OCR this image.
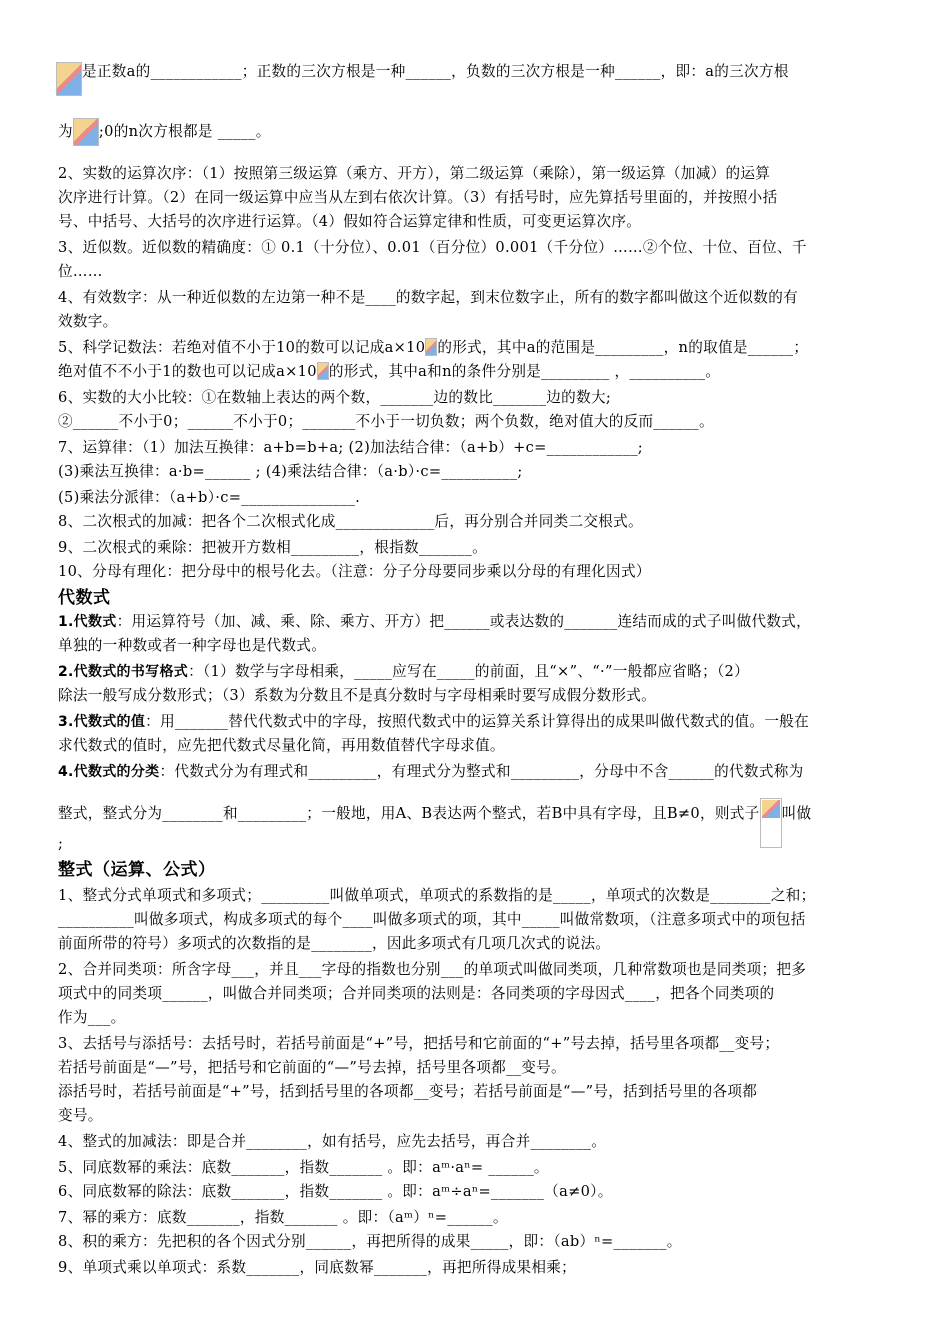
是正数a的____________；正数的三次方根是一种______，负数的三次方根是一种______，即：a的三次方根
为 ;0的n次方根都是 _____。
2、实数的运算次序：（1）按照第三级运算（乘方、开方），第二级运算（乘除），第一级运算（加减）的运算
次序进行计算。（2）在同一级运算中应当从左到右依次计算。（3）有括号时，应先算括号里面的，并按照小括
号、中括号、大括号的次序进行运算。（4）假如符合运算定律和性质，可变更运算次序。
3、近似数。近似数的精确度：① 0.1（十分位）、0.01（百分位）0.001（千分位）……②个位、十位、百位、千
位……
4、有效数字：从一种近似数的左边第一种不是____的数字起，到末位数字止，所有的数字都叫做这个近似数的有
效数字。
5、科学记数法：若绝对值不小于10的数可以记成a×10 的形式，其中a的范围是_________，n的取值是______；
绝对值不不小于1的数也可以记成a×10 的形式，其中a和n的条件分别是_________ ，__________。
6、实数的大小比较：①在数轴上表达的两个数，_______边的数比_______边的数大;
②______不小于0；______不小于0；_______不小于一切负数；两个负数，绝对值大的反而______。
7、运算律：（1）加法互换律：a+b=b+a; (2)加法结合律：（a+b）+c=____________;
(3)乘法互换律：a·b=______ ; (4)乘法结合律：（a·b）·c=__________;
(5)乘法分派律：（a+b）·c=_______________.
8、二次根式的加减：把各个二次根式化成_____________后，再分别合并同类二交根式。
9、二次根式的乘除：把被开方数相_________，根指数_______。
10、分母有理化：把分母中的根号化去。（注意：分子分母要同步乘以分母的有理化因式）
代数式
1.代数式：用运算符号（加、减、乘、除、乘方、开方）把______或表达数的_______连结而成的式子叫做代数式，
单独的一种数或者一种字母也是代数式。
2.代数式的书写格式：（1）数学与字母相乘，_____应写在_____的前面，且“×”、“·”一般都应省略；（2）
除法一般写成分数形式；（3）系数为分数且不是真分数时与字母相乘时要写成假分数形式。
3.代数式的值：用_______替代代数式中的字母，按照代数式中的运算关系计算得出的成果叫做代数式的值。一般在
求代数式的值时，应先把代数式尽量化简，再用数值替代字母求值。
4.代数式的分类：代数式分为有理式和_________，有理式分为整式和_________，分母中不含______的代数式称为
整式，整式分为________和_________；一般地，用A、B表达两个整式，若B中具有字母，且B≠0，则式子 叫做
;
整式（运算、公式）
1、整式分式单项式和多项式；_________叫做单项式，单项式的系数指的是_____，单项式的次数是________之和；
__________叫做多项式，构成多项式的每个____叫做多项式的项，其中_____叫做常数项，（注意多项式中的项包括
前面所带的符号）多项式的次数指的是________，因此多项式有几项几次式的说法。
2、合并同类项：所含字母___，并且___字母的指数也分别___的单项式叫做同类项，几种常数项也是同类项；把多
项式中的同类项______，叫做合并同类项；合并同类项的法则是：各同类项的字母因式____，把各个同类项的
作为___。
3、去括号与添括号：去括号时，若括号前面是“+”号，把括号和它前面的“+”号去掉，括号里各项都__变号；
若括号前面是“—”号，把括号和它前面的“—”号去掉，括号里各项都__变号。
添括号时，若括号前面是“+”号，括到括号里的各项都__变号；若括号前面是“—”号，括到括号里的各项都
变号。
4、整式的加减法：即是合并________，如有括号，应先去括号，再合并________。
5、同底数幂的乘法：底数_______，指数_______ 。即：aᵐ·aⁿ= ______。
6、同底数幂的除法：底数_______，指数_______ 。即：aᵐ÷aⁿ=_______（a≠0）。
7、幂的乘方：底数_______，指数_______ 。即：（aᵐ）ⁿ=______。
8、积的乘方：先把积的各个因式分别______，再把所得的成果_____，即：（ab）ⁿ=_______。
9、单项式乘以单项式：系数_______，同底数幂_______，再把所得成果相乘；
